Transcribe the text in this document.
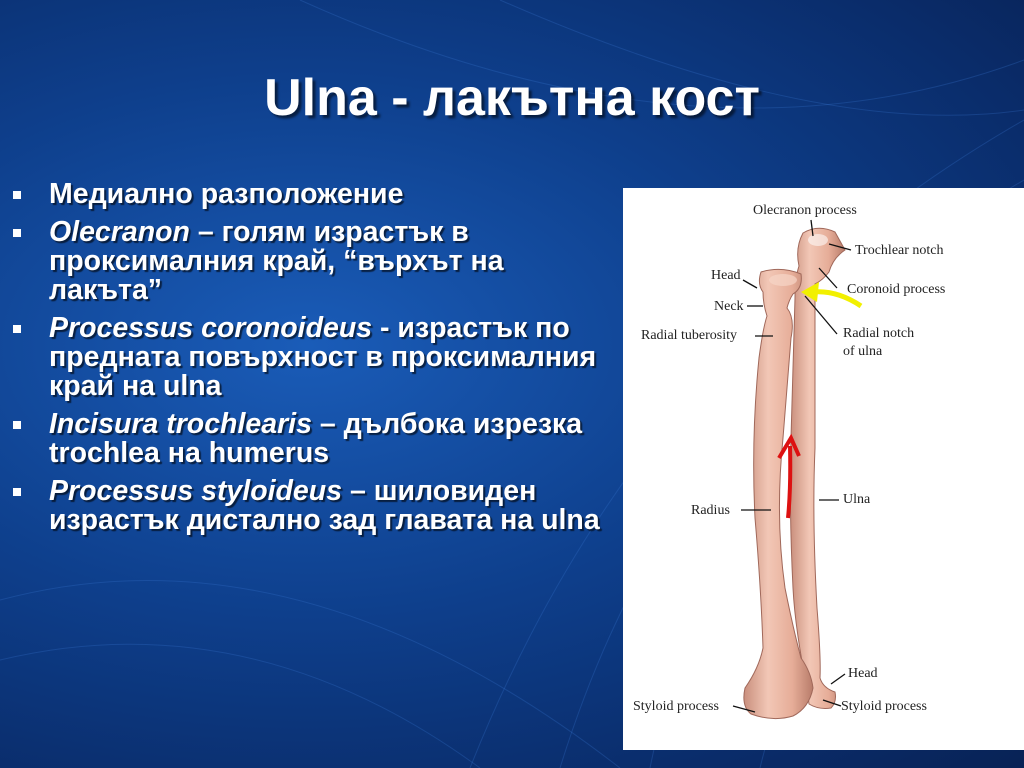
Ulna - лакътна кост
Медиално разположение
Olecranon – голям израстък в проксималния край, “върхът на лакътa”
Processus coronoideus - израстък по предната повърхност в проксималния край на ulna
Incisura trochlearis – дълбока изрезка trochlea на humerus
Processus styloideus – шиловиден израстък дистално зад главата на ulna
Olecranon process
Trochlear notch
Head
Coronoid process
Neck
Radial tuberosity	Radial notch
of ulna
Radius
Ulna
Head
Styloid process	Styloid process
